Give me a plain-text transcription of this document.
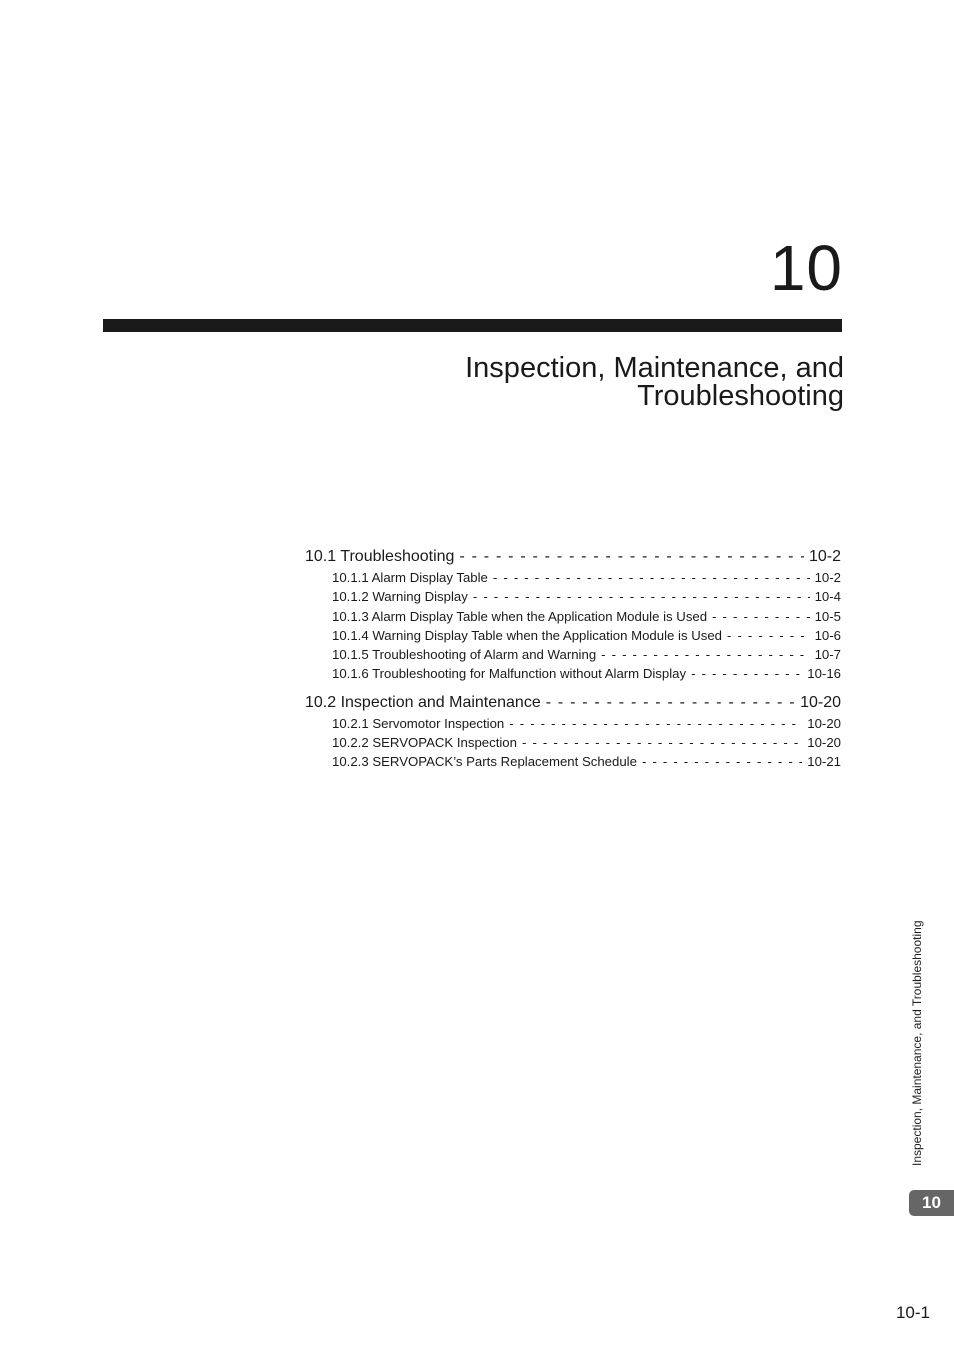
10
Inspection, Maintenance, and
Troubleshooting
10.1 Troubleshooting - - -	10-2
10.1.1 Alarm Display Table - - -	10-2
10.1.2 Warning Display - - -	10-4
10.1.3 Alarm Display Table when the Application Module is Used - - -	10-5
10.1.4 Warning Display Table when the Application Module is Used - - -	10-6
10.1.5 Troubleshooting of Alarm and Warning - - -	10-7
10.1.6 Troubleshooting for Malfunction without Alarm Display - - -	10-16
10.2 Inspection and Maintenance - - -	10-20
10.2.1 Servomotor Inspection - - -	10-20
10.2.2 SERVOPACK Inspection - - -	10-20
10.2.3 SERVOPACK’s Parts Replacement Schedule - - -	10-21
Inspection, Maintenance, and Troubleshooting
10
10-1
